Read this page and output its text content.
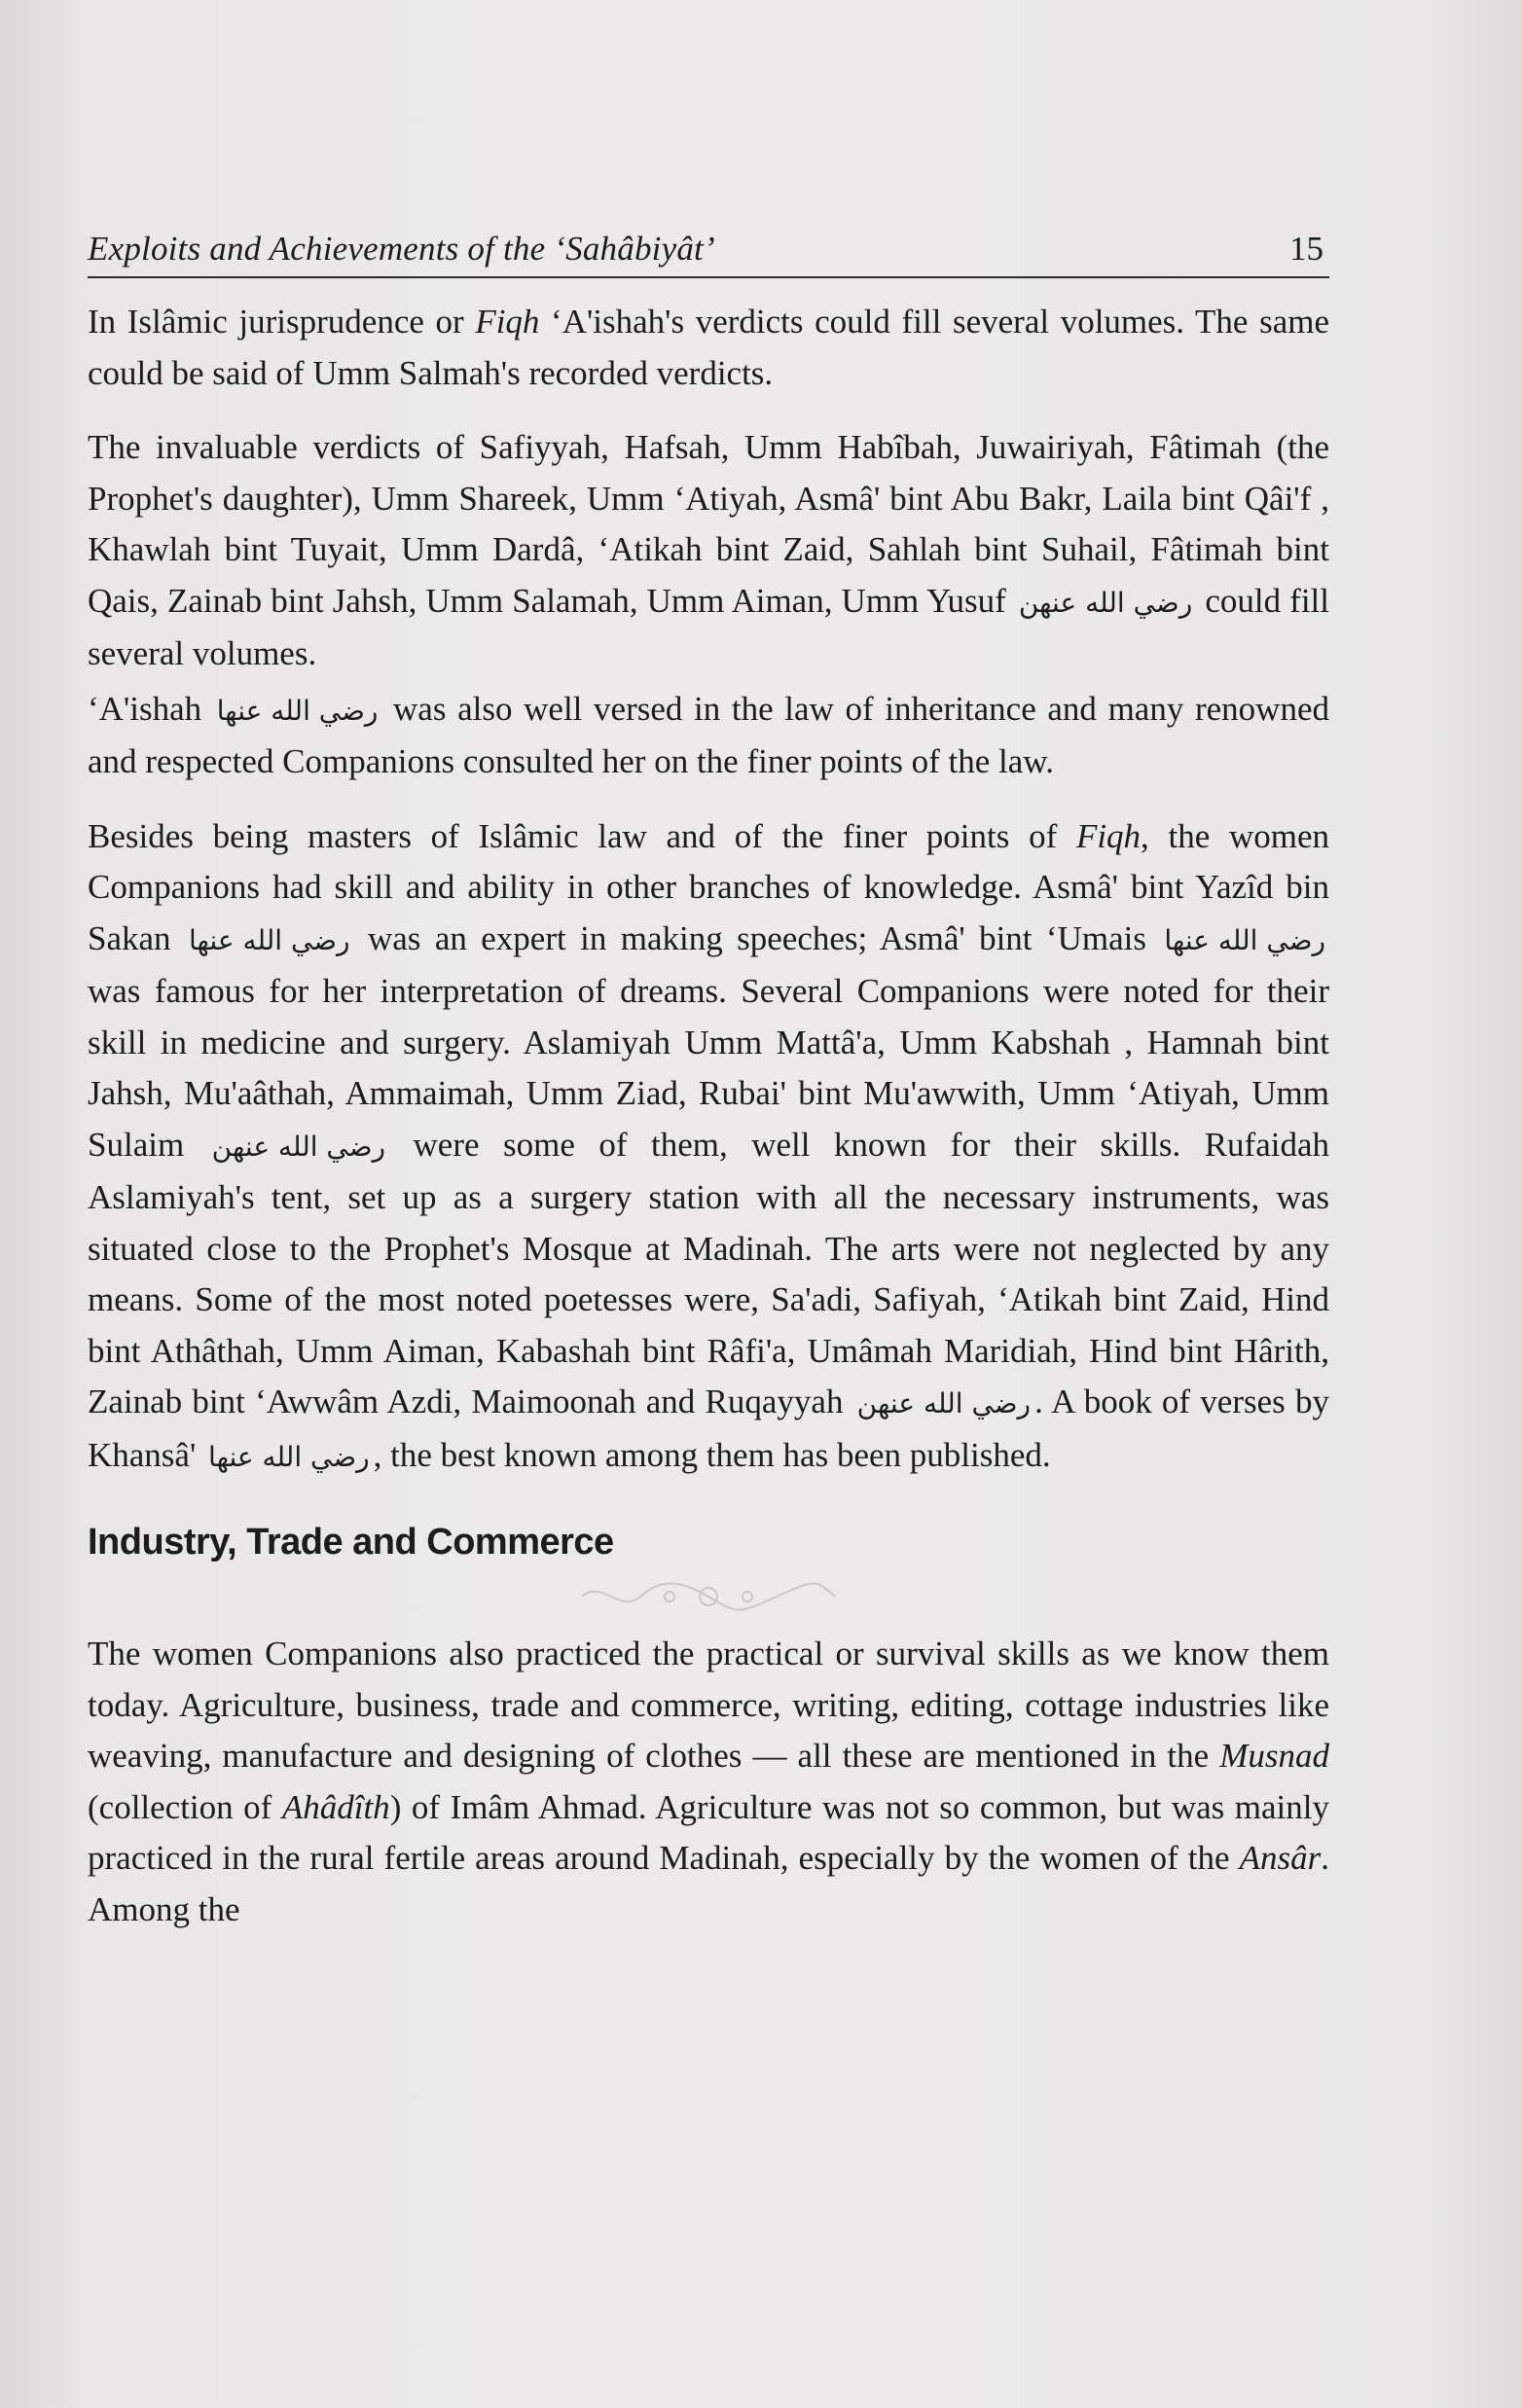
Exploits and Achievements of the ‘Sahâbiyât’	15

In Islâmic jurisprudence or Fiqh ‘A'ishah's verdicts could fill several volumes. The same could be said of Umm Salmah's recorded verdicts.

The invaluable verdicts of Safiyyah, Hafsah, Umm Habîbah, Juwairiyah, Fâtimah (the Prophet's daughter), Umm Shareek, Umm ‘Atiyah, Asmâ' bint Abu Bakr, Laila bint Qâi'f , Khawlah bint Tuyait, Umm Dardâ, ‘Atikah bint Zaid, Sahlah bint Suhail, Fâtimah bint Qais, Zainab bint Jahsh, Umm Salamah, Umm Aiman, Umm Yusuf رضي الله عنهن could fill several volumes.

‘A'ishah رضي الله عنها was also well versed in the law of inheritance and many renowned and respected Companions consulted her on the finer points of the law.

Besides being masters of Islâmic law and of the finer points of Fiqh, the women Companions had skill and ability in other branches of knowledge. Asmâ' bint Yazîd bin Sakan رضي الله عنها was an expert in making speeches; Asmâ' bint ‘Umais رضي الله عنها was famous for her interpretation of dreams. Several Companions were noted for their skill in medicine and surgery. Aslamiyah Umm Mattâ'a, Umm Kabshah , Hamnah bint Jahsh, Mu'aâthah, Ammaimah, Umm Ziad, Rubai' bint Mu'awwith, Umm ‘Atiyah, Umm Sulaim رضي الله عنهن were some of them, well known for their skills. Rufaidah Aslamiyah's tent, set up as a surgery station with all the necessary instruments, was situated close to the Prophet's Mosque at Madinah. The arts were not neglected by any means. Some of the most noted poetesses were, Sa'adi, Safiyah, ‘Atikah bint Zaid, Hind bint Athâthah, Umm Aiman, Kabashah bint Râfi'a, Umâmah Maridiah, Hind bint Hârith, Zainab bint ‘Awwâm Azdi, Maimoonah and Ruqayyah رضي الله عنهن . A book of verses by Khansâ' رضي الله عنها , the best known among them has been published.

Industry, Trade and Commerce

The women Companions also practiced the practical or survival skills as we know them today. Agriculture, business, trade and commerce, writing, editing, cottage industries like weaving, manufacture and designing of clothes — all these are mentioned in the Musnad (collection of Ahâdîth) of Imâm Ahmad. Agriculture was not so common, but was mainly practiced in the rural fertile areas around Madinah, especially by the women of the Ansâr. Among the
